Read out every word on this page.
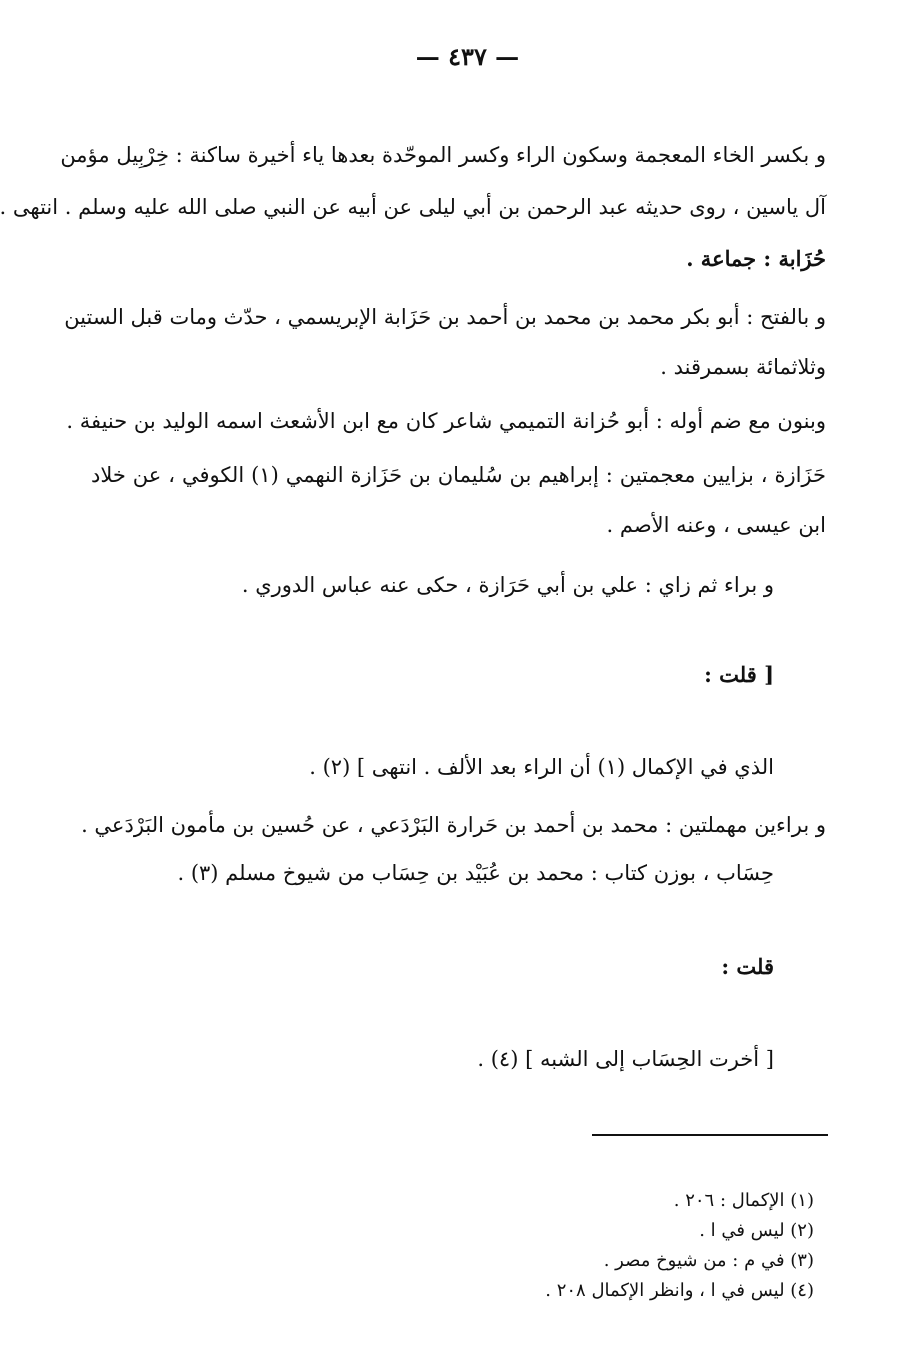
— ٤٣٧ —
و بكسر الخاء المعجمة وسكون الراء وكسر الموحّدة بعدها ياء أخيرة ساكنة : خِرْبِيل مؤمن
آل ياسين ، روى حديثه عبد الرحمن بن أبي ليلى عن أبيه عن النبي صلى الله عليه وسلم . انتهى .
حُزَابة : جماعة .
و بالفتح : أبو بكر محمد بن محمد بن أحمد بن حَزَابة الإبريسمي ، حدّث ومات قبل الستين
وثلاثمائة بسمرقند .
وبنون مع ضم أوله : أبو حُزانة التميمي شاعر كان مع ابن الأشعث اسمه الوليد بن حنيفة .
حَزَازة ، بزايين معجمتين : إبراهيم بن سُليمان بن حَزَازة النهمي (١) الكوفي ، عن خلاد
ابن عيسى ، وعنه الأصم .
و براء ثم زاي : علي بن أبي حَرَازة ، حكى عنه عباس الدوري .
[ قلت :
الذي في الإكمال (١) أن الراء بعد الألف . انتهى ] (٢) .
و براءين مهملتين : محمد بن أحمد بن حَرارة البَرْدَعي ، عن حُسين بن مأمون البَرْدَعي .
حِسَاب ، بوزن كتاب : محمد بن عُبَيْد بن حِسَاب من شيوخ مسلم (٣) .
قلت :
[ أخرت الحِسَاب إلى الشبه ] (٤) .
(١) الإكمال : ٢٠٦ .
(٢) ليس في ا .
(٣) في م : من شيوخ مصر .
(٤) ليس في ا ، وانظر الإكمال ٢٠٨ .
